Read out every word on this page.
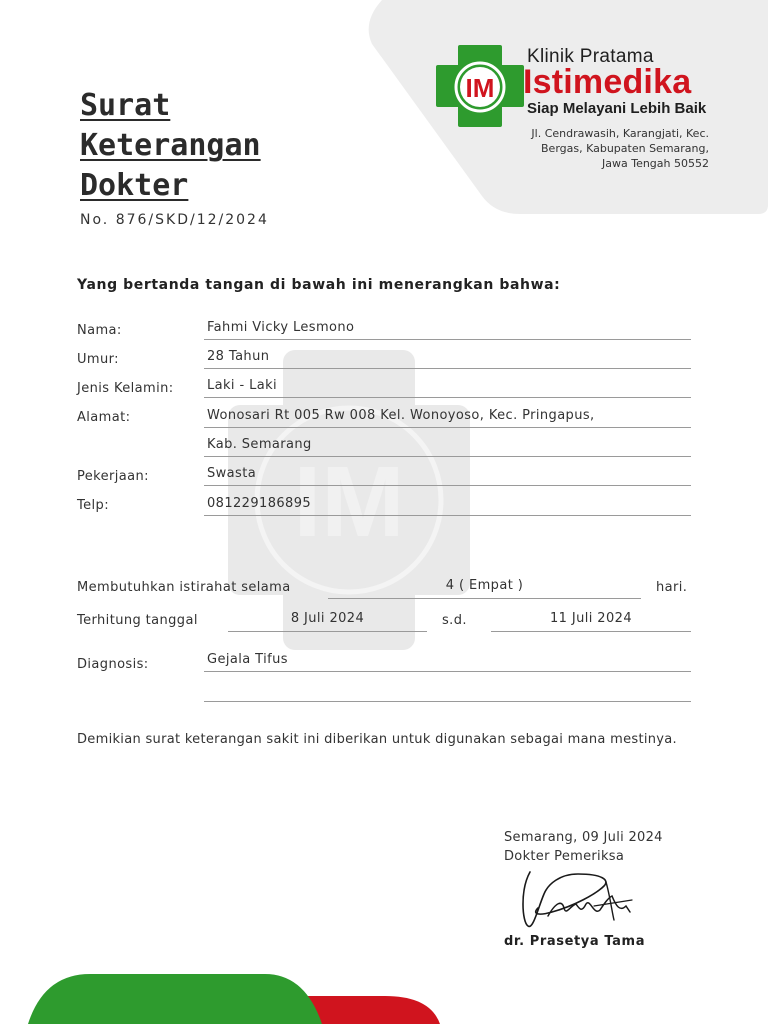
IM
Klinik Pratama
Istimedika
Siap Melayani Lebih Baik
Jl. Cendrawasih, Karangjati, Kec.
Bergas, Kabupaten Semarang,
Jawa Tengah 50552
Surat
Keterangan
Dokter
No. 876/SKD/12/2024
Yang bertanda tangan di bawah ini menerangkan bahwa:
IM
Nama:	Fahmi Vicky Lesmono
Umur:	28 Tahun
Jenis Kelamin:	Laki - Laki
Alamat:	Wonosari Rt 005 Rw 008 Kel. Wonoyoso, Kec. Pringapus,
Kab. Semarang
Pekerjaan:	Swasta
Telp:	081229186895
Membutuhkan istirahat selama	4 ( Empat )	hari.
Terhitung tanggal	8 Juli 2024	s.d.	11 Juli 2024
Diagnosis:	Gejala Tifus
Demikian surat keterangan sakit ini diberikan untuk digunakan sebagai mana mestinya.
Semarang, 09 Juli 2024
Dokter Pemeriksa
dr. Prasetya Tama
